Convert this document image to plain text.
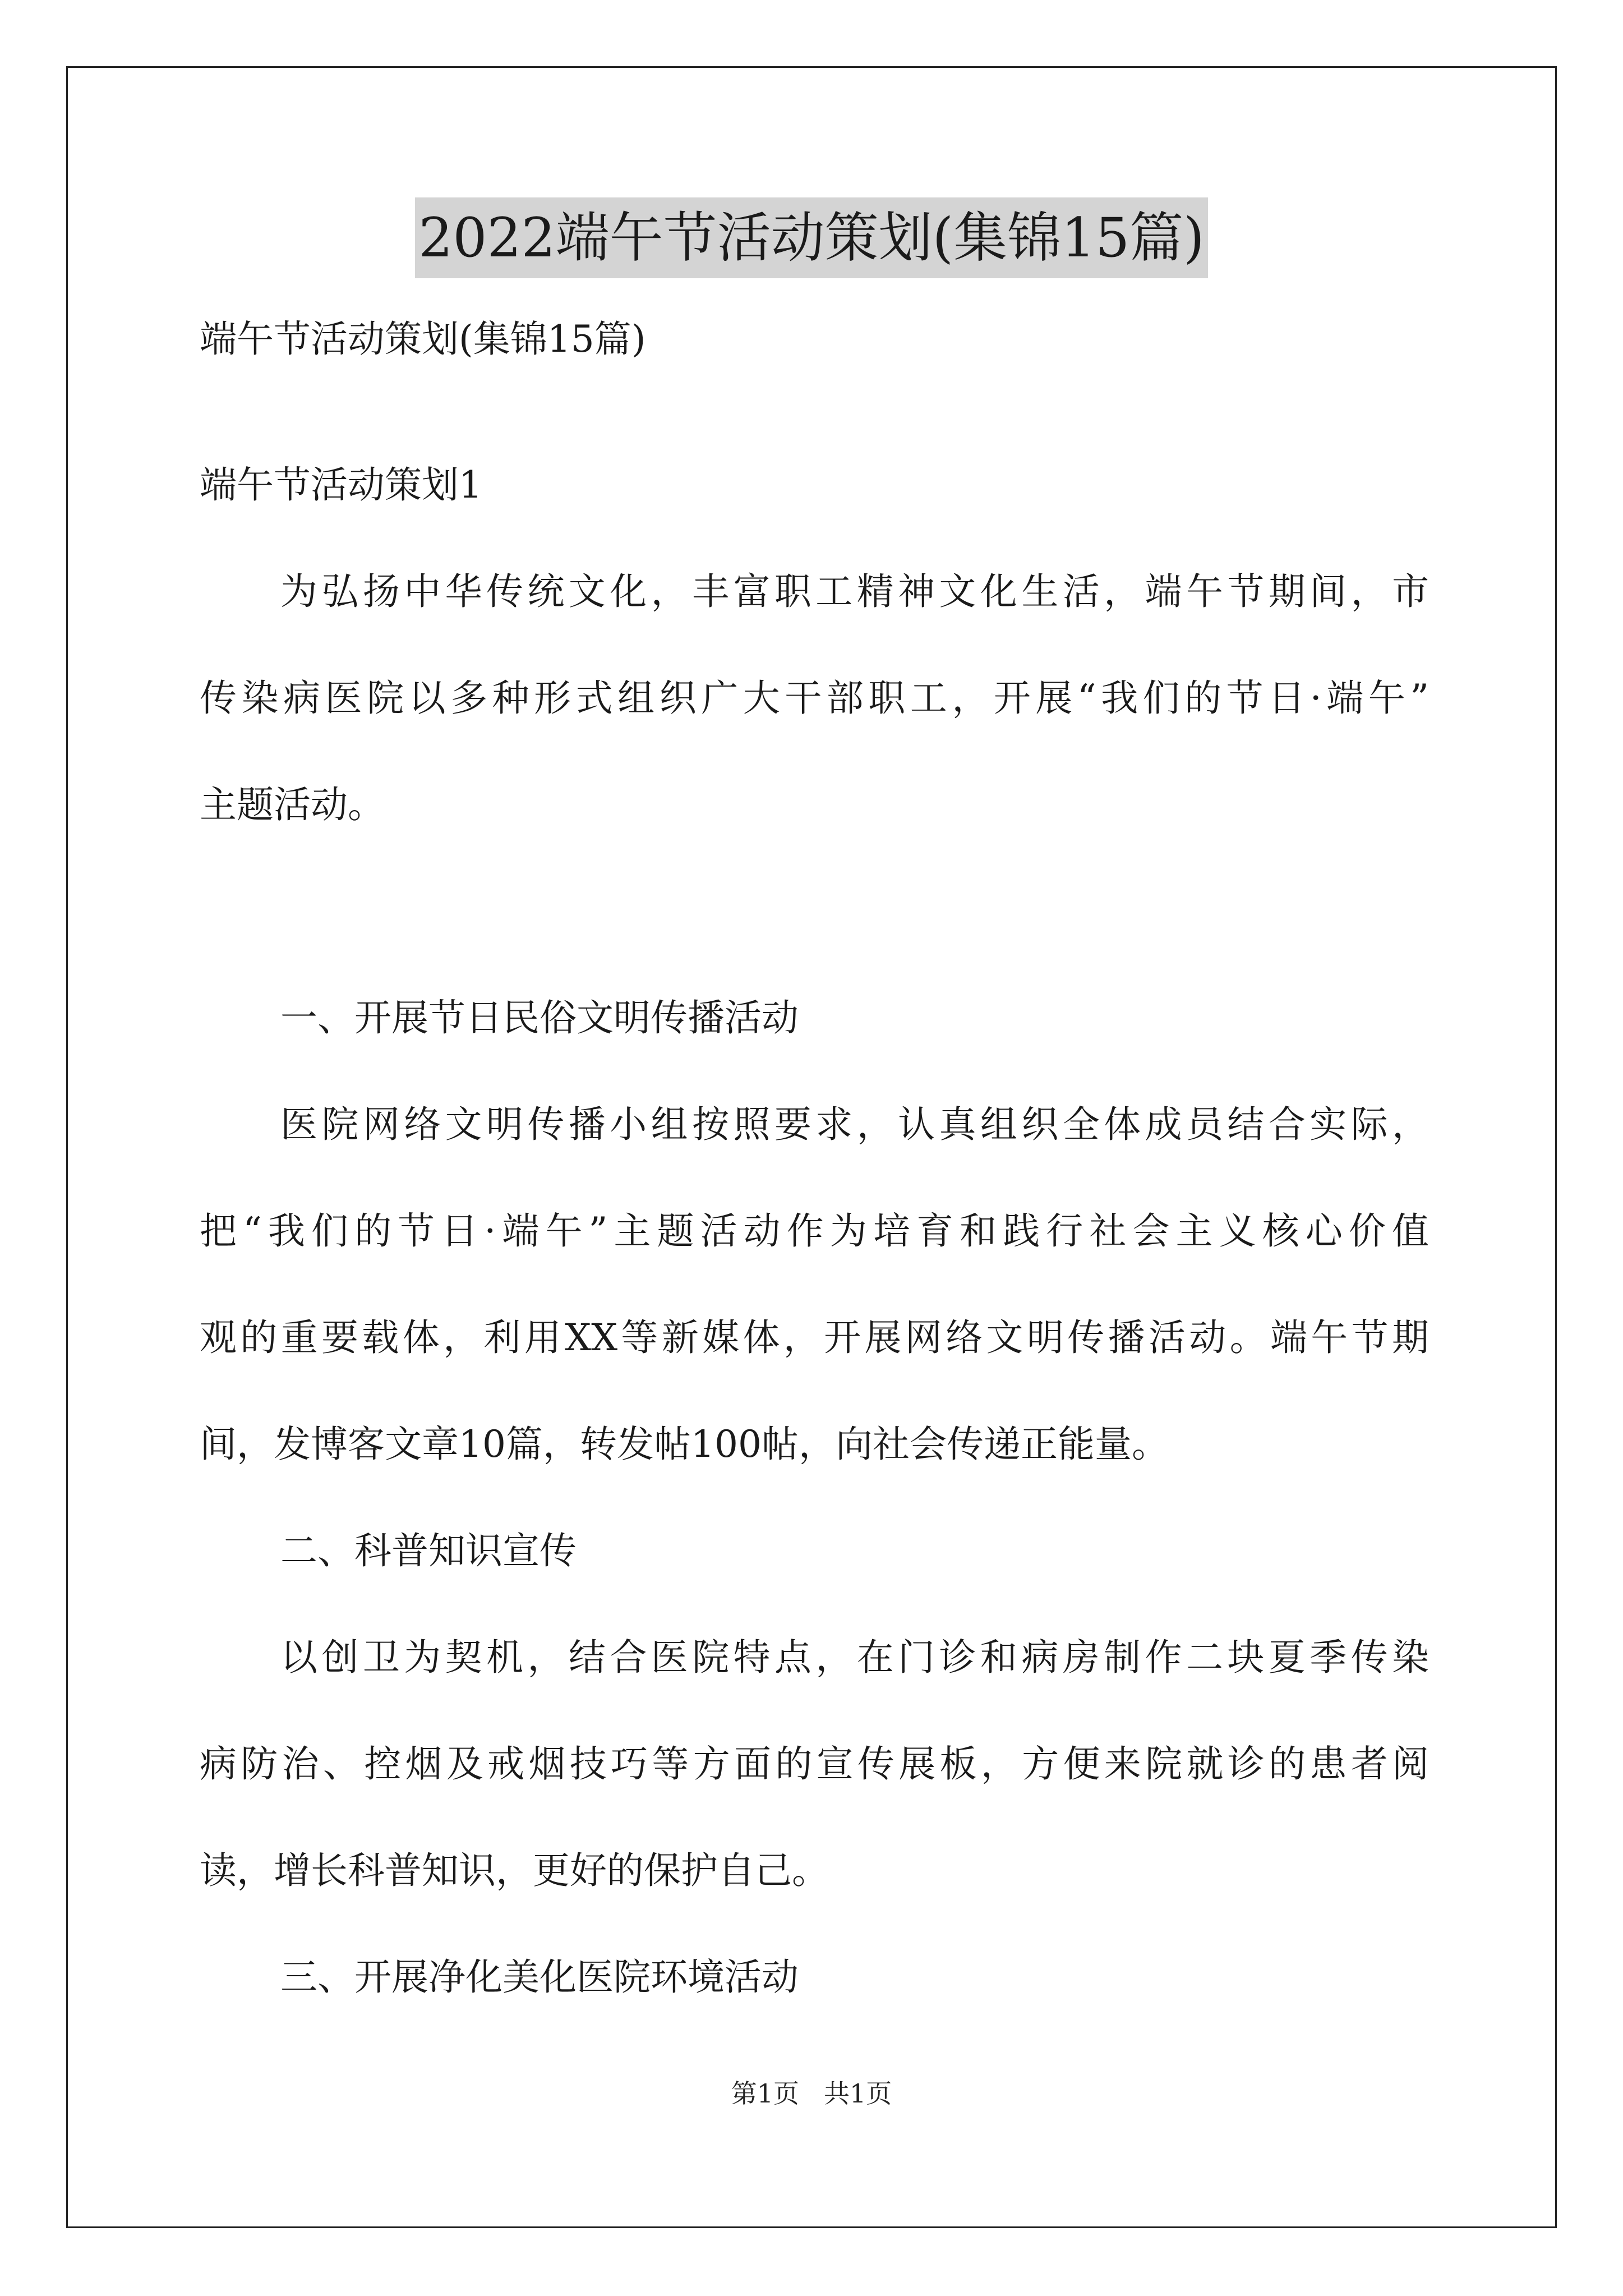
2022端午节活动策划(集锦15篇)
端午节活动策划(集锦15篇)
端午节活动策划1
为弘扬中华传统文化，丰富职工精神文化生活，端午节期间，市
传染病医院以多种形式组织广大干部职工，开展“我们的节日·端午”
主题活动。
一、开展节日民俗文明传播活动
医院网络文明传播小组按照要求，认真组织全体成员结合实际，
把“我们的节日·端午”主题活动作为培育和践行社会主义核心价值
观的重要载体，利用XX等新媒体，开展网络文明传播活动。端午节期
间，发博客文章10篇，转发帖100帖，向社会传递正能量。
二、科普知识宣传
以创卫为契机，结合医院特点，在门诊和病房制作二块夏季传染
病防治、控烟及戒烟技巧等方面的宣传展板，方便来院就诊的患者阅
读，增长科普知识，更好的保护自己。
三、开展净化美化医院环境活动
第1页 共1页
